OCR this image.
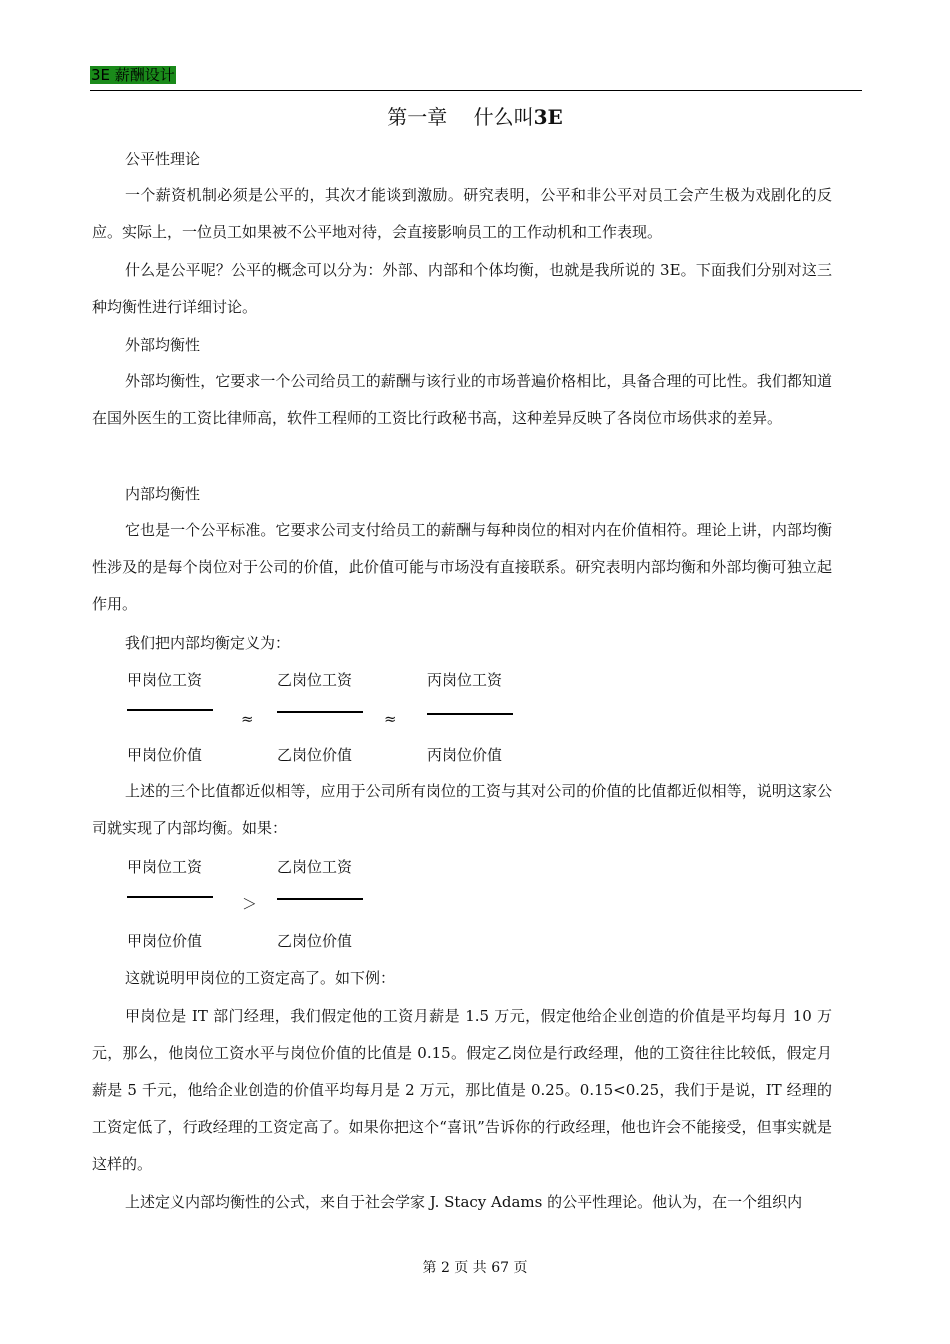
3E 薪酬设计
第一章　 什么叫3E
公平性理论
一个薪资机制必须是公平的，其次才能谈到激励。研究表明，公平和非公平对员工会产生极为戏剧化的反应。实际上，一位员工如果被不公平地对待，会直接影响员工的工作动机和工作表现。
什么是公平呢？公平的概念可以分为：外部、内部和个体均衡，也就是我所说的 3E。下面我们分别对这三种均衡性进行详细讨论。
外部均衡性
外部均衡性，它要求一个公司给员工的薪酬与该行业的市场普遍价格相比，具备合理的可比性。我们都知道在国外医生的工资比律师高，软件工程师的工资比行政秘书高，这种差异反映了各岗位市场供求的差异。
内部均衡性
它也是一个公平标准。它要求公司支付给员工的薪酬与每种岗位的相对内在价值相符。理论上讲，内部均衡性涉及的是每个岗位对于公司的价值，此价值可能与市场没有直接联系。研究表明内部均衡和外部均衡可独立起作用。
我们把内部均衡定义为：
甲岗位工资
甲岗位价值
≈
乙岗位工资
乙岗位价值
≈
丙岗位工资
丙岗位价值
上述的三个比值都近似相等，应用于公司所有岗位的工资与其对公司的价值的比值都近似相等，说明这家公司就实现了内部均衡。如果：
甲岗位工资
甲岗位价值
＞
乙岗位工资
乙岗位价值
这就说明甲岗位的工资定高了。如下例：
甲岗位是 IT 部门经理，我们假定他的工资月薪是 1.5 万元，假定他给企业创造的价值是平均每月 10 万元，那么，他岗位工资水平与岗位价值的比值是 0.15。假定乙岗位是行政经理，他的工资往往比较低，假定月薪是 5 千元，他给企业创造的价值平均每月是 2 万元，那比值是 0.25。0.15<0.25，我们于是说，IT 经理的工资定低了，行政经理的工资定高了。如果你把这个“喜讯”告诉你的行政经理，他也许会不能接受，但事实就是这样的。
上述定义内部均衡性的公式，来自于社会学家 J. Stacy Adams 的公平性理论。他认为，在一个组织内
第 2 页 共 67 页
